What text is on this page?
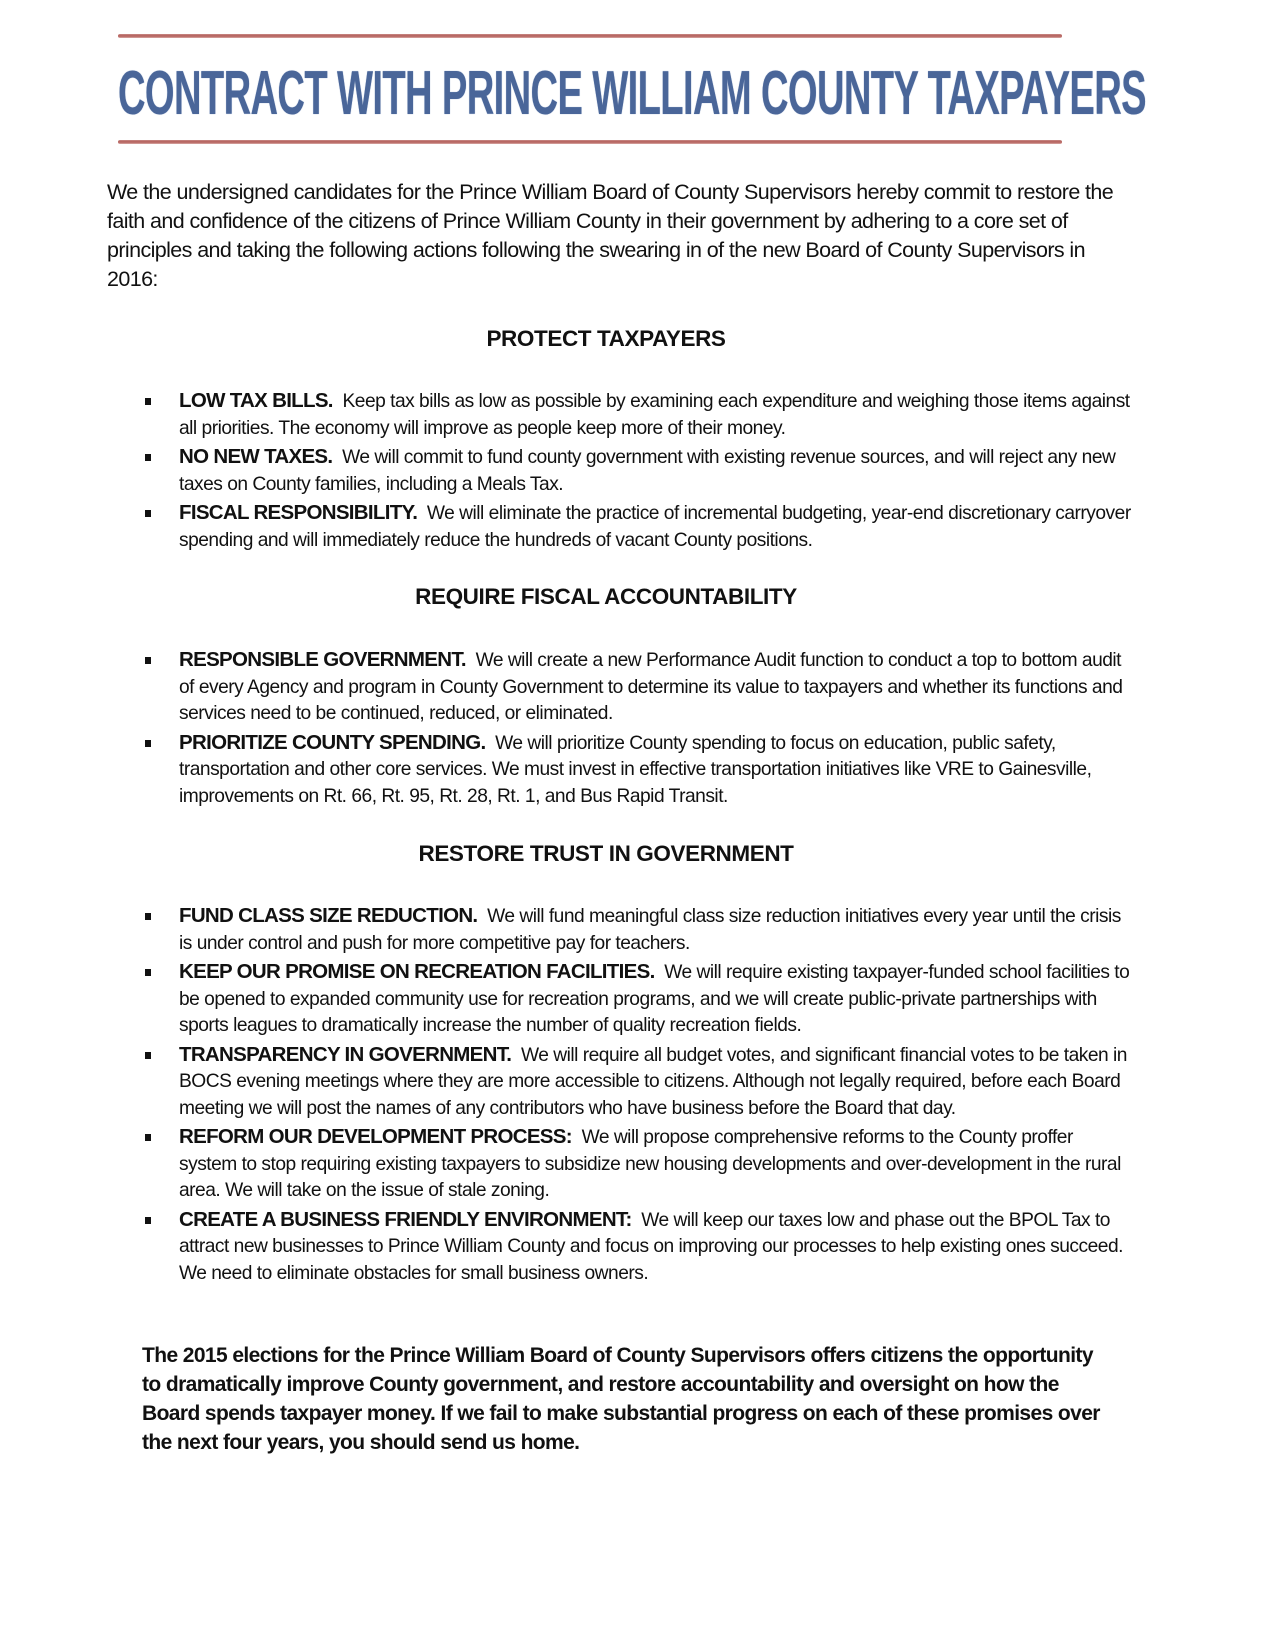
CONTRACT WITH PRINCE WILLIAM COUNTY TAXPAYERS

We the undersigned candidates for the Prince William Board of County Supervisors hereby commit to restore the faith and confidence of the citizens of Prince William County in their government by adhering to a core set of principles and taking the following actions following the swearing in of the new Board of County Supervisors in 2016:

PROTECT TAXPAYERS
LOW TAX BILLS. Keep tax bills as low as possible by examining each expenditure and weighing those items against all priorities. The economy will improve as people keep more of their money.
NO NEW TAXES. We will commit to fund county government with existing revenue sources, and will reject any new taxes on County families, including a Meals Tax.
FISCAL RESPONSIBILITY. We will eliminate the practice of incremental budgeting, year-end discretionary carryover spending and will immediately reduce the hundreds of vacant County positions.
REQUIRE FISCAL ACCOUNTABILITY
RESPONSIBLE GOVERNMENT. We will create a new Performance Audit function to conduct a top to bottom audit of every Agency and program in County Government to determine its value to taxpayers and whether its functions and services need to be continued, reduced, or eliminated.
PRIORITIZE COUNTY SPENDING. We will prioritize County spending to focus on education, public safety, transportation and other core services. We must invest in effective transportation initiatives like VRE to Gainesville, improvements on Rt. 66, Rt. 95, Rt. 28, Rt. 1, and Bus Rapid Transit.
RESTORE TRUST IN GOVERNMENT
FUND CLASS SIZE REDUCTION. We will fund meaningful class size reduction initiatives every year until the crisis is under control and push for more competitive pay for teachers.
KEEP OUR PROMISE ON RECREATION FACILITIES. We will require existing taxpayer-funded school facilities to be opened to expanded community use for recreation programs, and we will create public-private partnerships with sports leagues to dramatically increase the number of quality recreation fields.
TRANSPARENCY IN GOVERNMENT. We will require all budget votes, and significant financial votes to be taken in BOCS evening meetings where they are more accessible to citizens. Although not legally required, before each Board meeting we will post the names of any contributors who have business before the Board that day.
REFORM OUR DEVELOPMENT PROCESS: We will propose comprehensive reforms to the County proffer system to stop requiring existing taxpayers to subsidize new housing developments and over-development in the rural area. We will take on the issue of stale zoning.
CREATE A BUSINESS FRIENDLY ENVIRONMENT: We will keep our taxes low and phase out the BPOL Tax to attract new businesses to Prince William County and focus on improving our processes to help existing ones succeed. We need to eliminate obstacles for small business owners.

The 2015 elections for the Prince William Board of County Supervisors offers citizens the opportunity to dramatically improve County government, and restore accountability and oversight on how the Board spends taxpayer money. If we fail to make substantial progress on each of these promises over the next four years, you should send us home.
